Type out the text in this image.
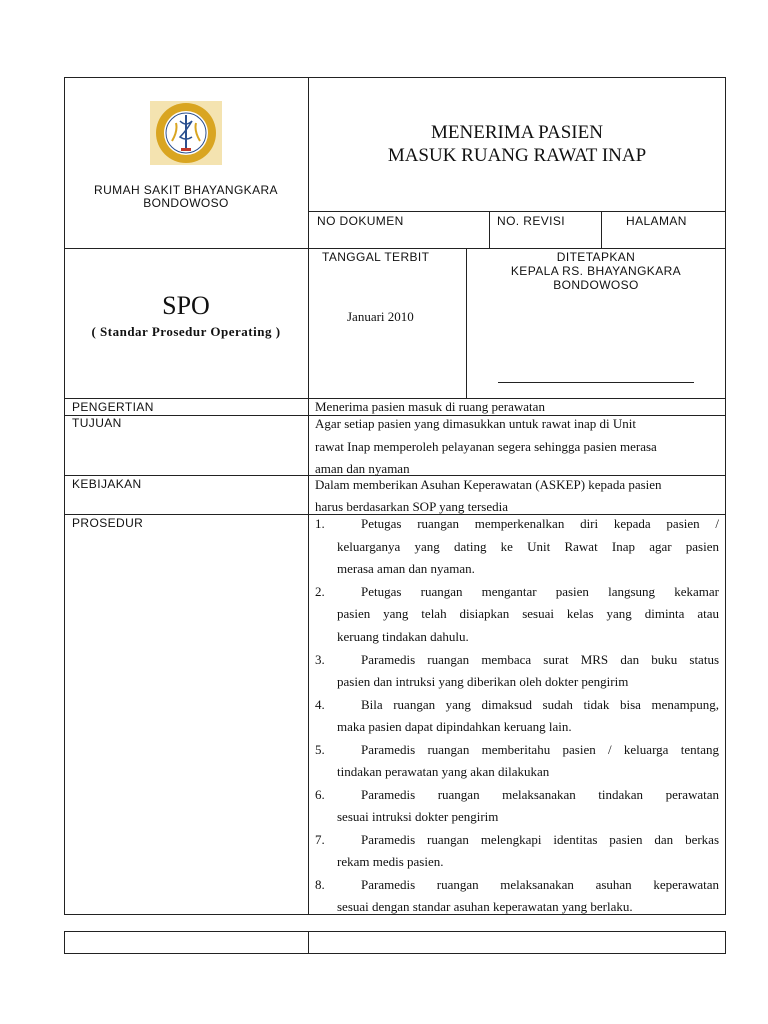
RUMAH SAKIT BHAYANGKARA
BONDOWOSO
MENERIMA PASIEN
MASUK RUANG RAWAT INAP
NO DOKUMEN	NO. REVISI	HALAMAN
SPO
( Standar Prosedur Operating )
TANGGAL TERBIT
Januari 2010
DITETAPKAN
KEPALA RS. BHAYANGKARA
BONDOWOSO
PENGERTIAN	Menerima pasien masuk di ruang perawatan
TUJUAN	Agar setiap pasien yang dimasukkan untuk rawat inap di Unit
rawat Inap memperoleh pelayanan segera sehingga pasien merasa
aman dan nyaman
KEBIJAKAN	Dalam memberikan Asuhan Keperawatan (ASKEP) kepada pasien
harus berdasarkan SOP yang tersedia
PROSEDUR	1.	Petugas ruangan memperkenalkan diri kepada pasien /
keluarganya yang dating ke Unit Rawat Inap agar pasien
merasa aman dan nyaman.
2.	Petugas ruangan mengantar pasien langsung kekamar
pasien yang telah disiapkan sesuai kelas yang diminta atau
keruang tindakan dahulu.
3.	Paramedis ruangan membaca surat MRS dan buku status
pasien dan intruksi yang diberikan oleh dokter pengirim
4.	Bila ruangan yang dimaksud sudah tidak bisa menampung,
maka pasien dapat dipindahkan keruang lain.
5.	Paramedis ruangan memberitahu pasien / keluarga tentang
tindakan perawatan yang akan dilakukan
6.	Paramedis ruangan melaksanakan tindakan perawatan
sesuai intruksi dokter pengirim
7.	Paramedis ruangan melengkapi identitas pasien dan berkas
rekam medis pasien.
8.	Paramedis ruangan melaksanakan asuhan keperawatan
sesuai dengan standar asuhan keperawatan yang berlaku.
